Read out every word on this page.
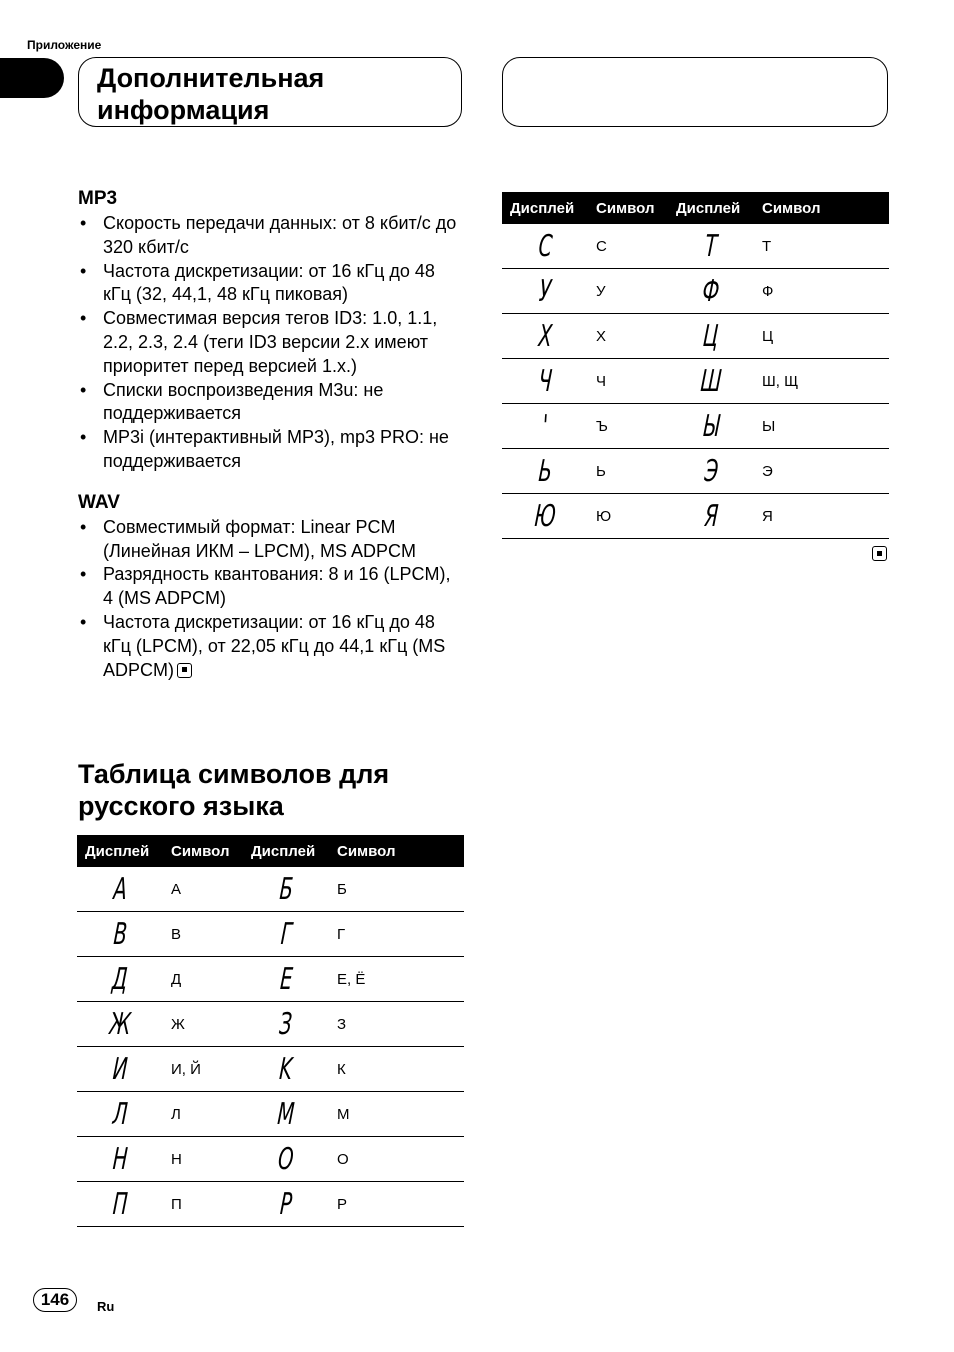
Приложение
Дополнительная
информация
MP3
• Скорость передачи данных: от 8 кбит/с до 320 кбит/с
• Частота дискретизации: от 16 кГц до 48 кГц (32, 44,1, 48 кГц пиковая)
• Совместимая версия тегов ID3: 1.0, 1.1, 2.2, 2.3, 2.4 (теги ID3 версии 2.x имеют приоритет перед версией 1.x.)
• Списки воспроизведения M3u: не поддерживается
• MP3i (интерактивный MP3), mp3 PRO: не поддерживается
WAV
• Совместимый формат: Linear PCM (Линейная ИКМ – LPCM), MS ADPCM
• Разрядность квантования: 8 и 16 (LPCM), 4 (MS ADPCM)
• Частота дискретизации: от 16 кГц до 48 кГц (LPCM), от 22,05 кГц до 44,1 кГц (MS ADPCM)
Таблица символов для
русского языка
Дисплей	Символ	Дисплей	Символ
A	А	Б	Б
B	В	Г	Г
Д	Д	E	Е, Ё
Ж	Ж	З	З
И	И, Й	K	К
Л	Л	M	М
H	Н	O	О
П	П	P	Р
Дисплей	Символ	Дисплей	Символ
C	С	T	Т
У	У	Ф	Ф
X	Х	Ц	Ц
Ч	Ч	Ш	Ш, Щ
'	Ъ	Ы	Ы
Ь	Ь	Э	Э
Ю	Ю	Я	Я
146	Ru
